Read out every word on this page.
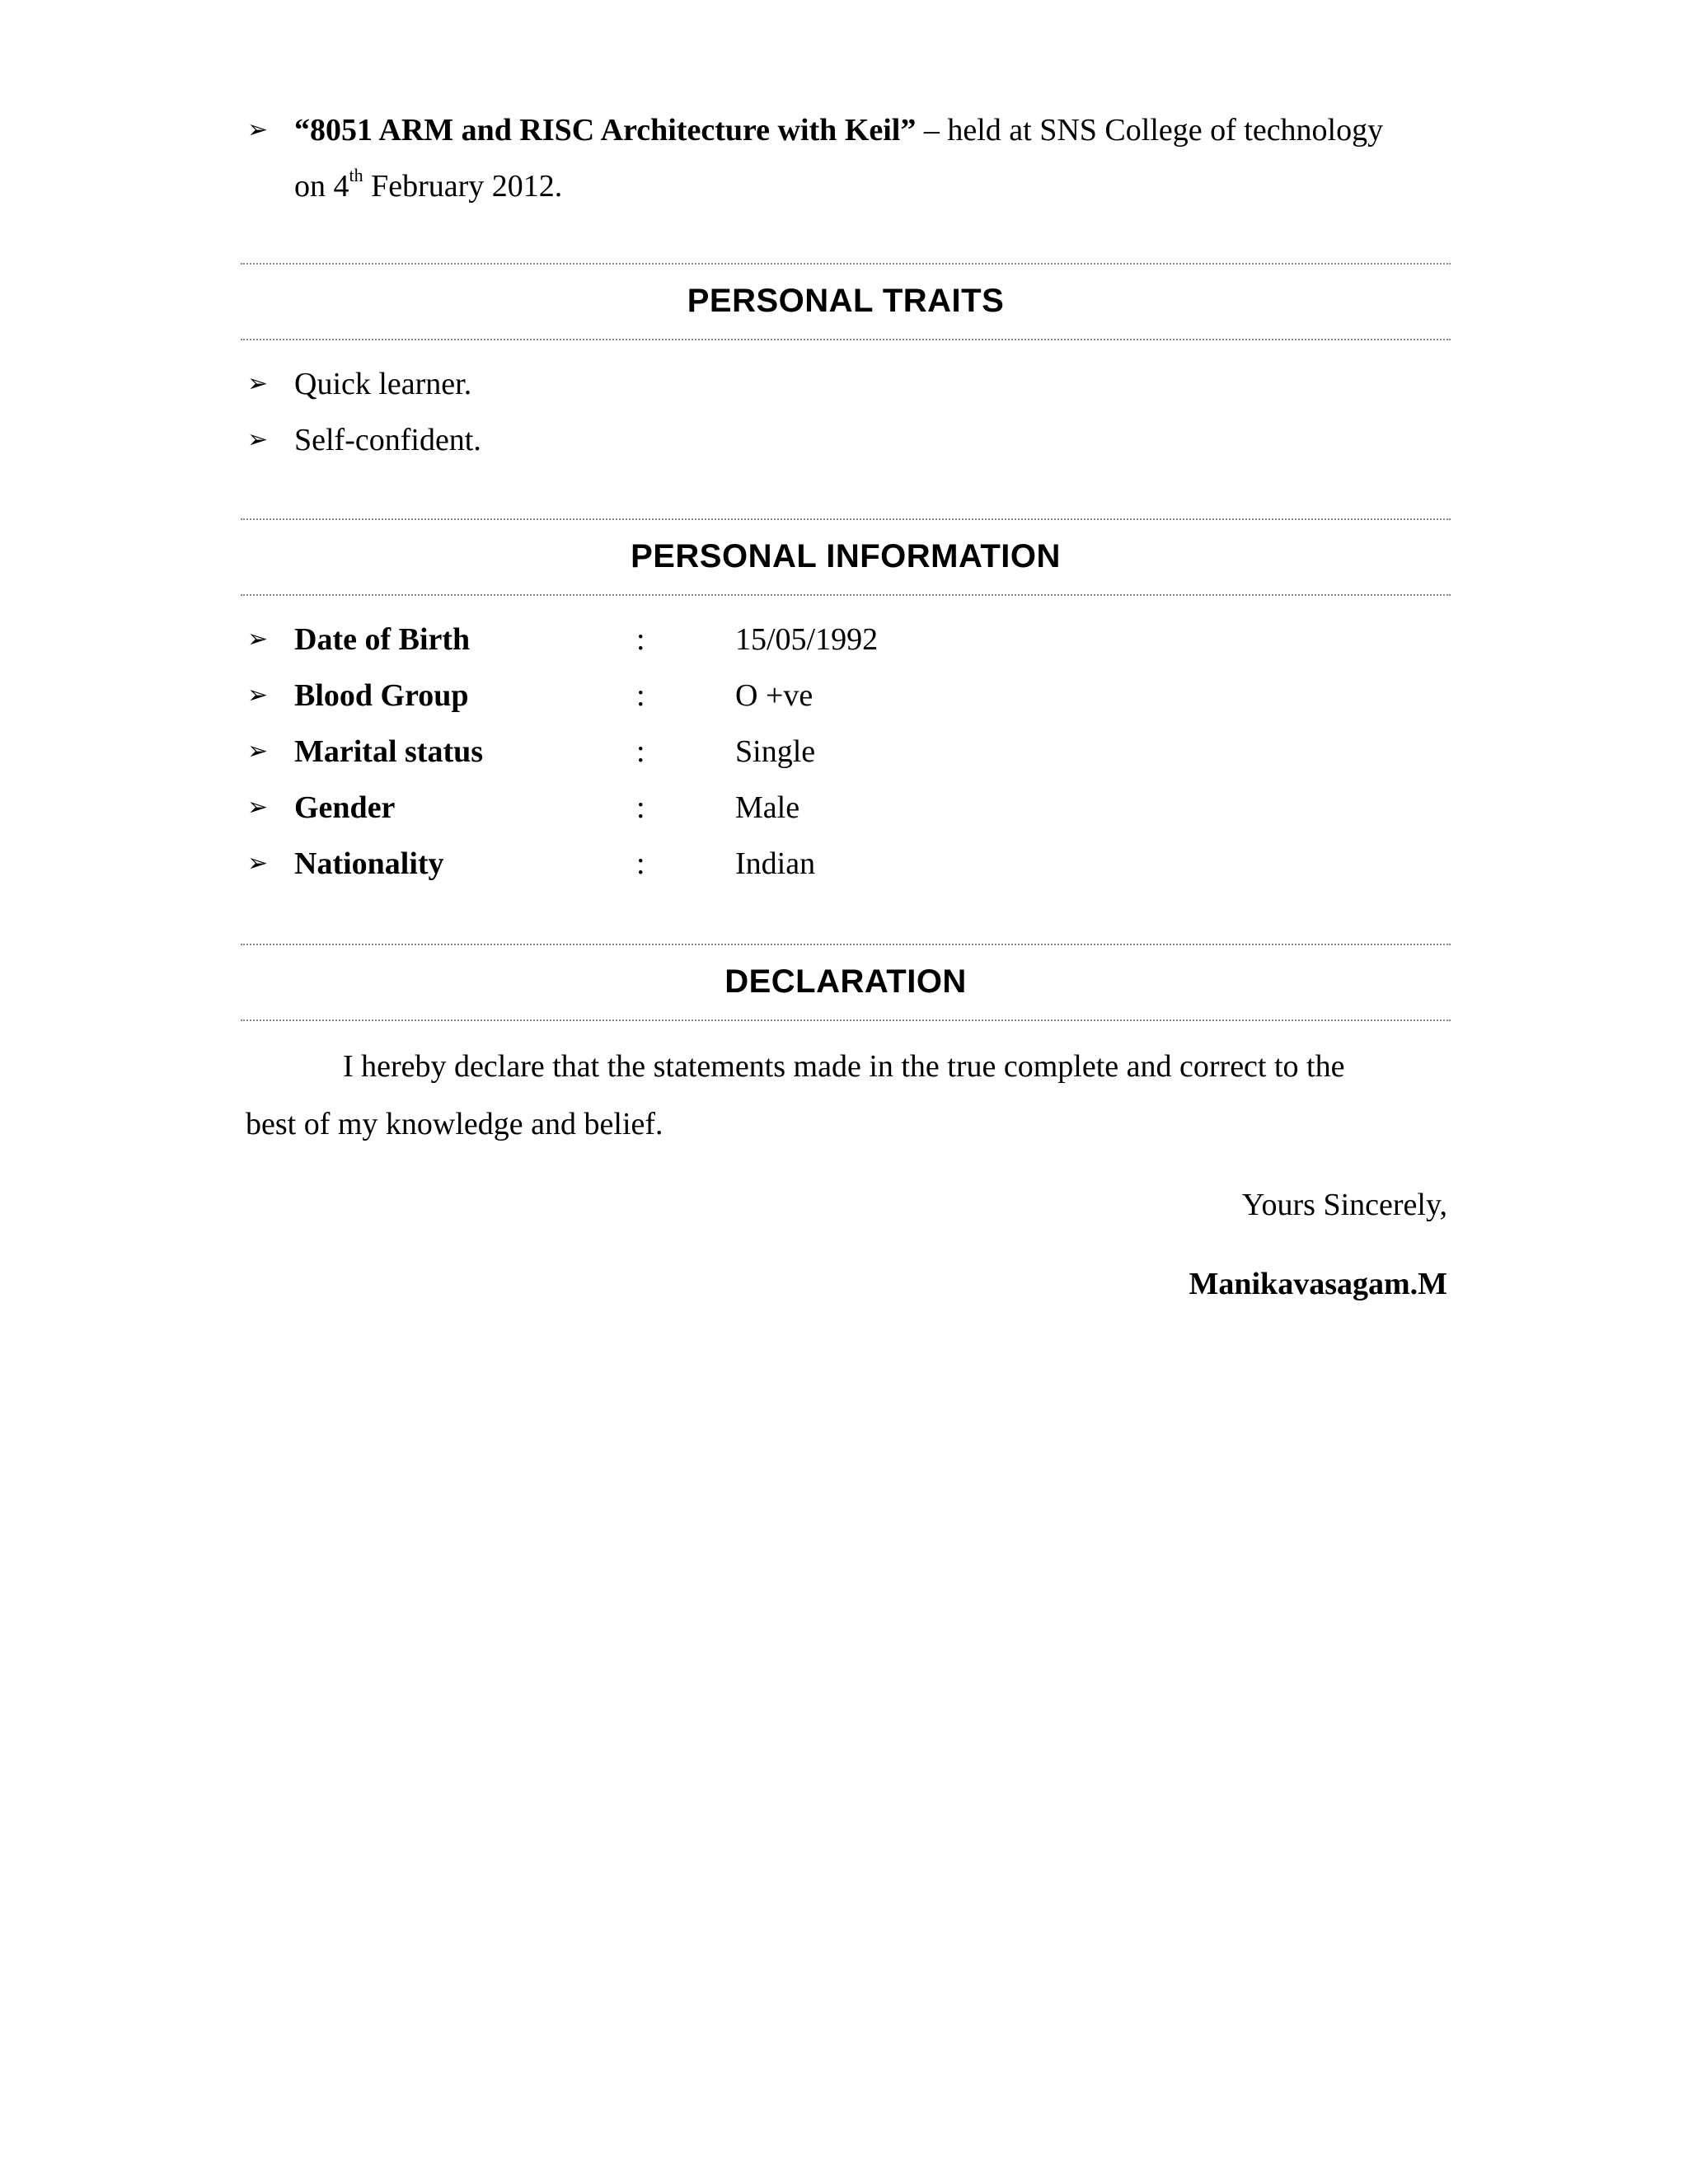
➢ “8051 ARM and RISC Architecture with Keil” – held at SNS College of technology
on 4th February 2012.
PERSONAL TRAITS
➢ Quick learner.
➢ Self-confident.
PERSONAL INFORMATION
➢ Date of Birth	:	15/05/1992
➢ Blood Group	:	O +ve
➢ Marital status	:	Single
➢ Gender	:	Male
➢ Nationality	:	Indian
DECLARATION
I hereby declare that the statements made in the true complete and correct to the
best of my knowledge and belief.
Yours Sincerely,
Manikavasagam.M
